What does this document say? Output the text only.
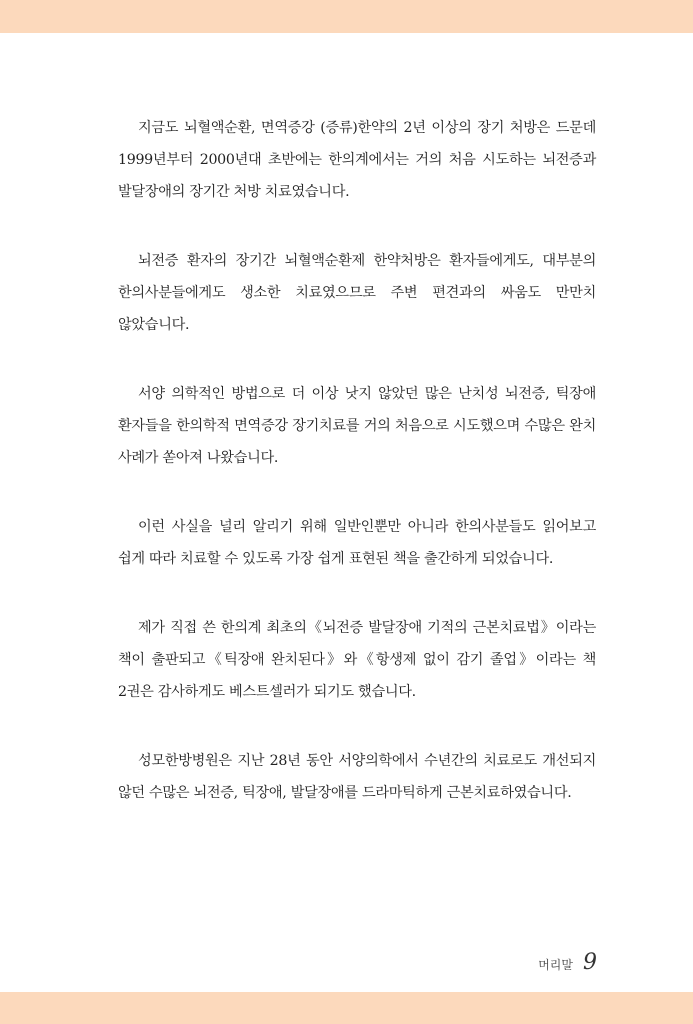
지금도 뇌혈액순환, 면역증강 (증류)한약의 2년 이상의 장기 처방은 드문데 1999년부터 2000년대 초반에는 한의계에서는 거의 처음 시도하는 뇌전증과 발달장애의 장기간 처방 치료였습니다.

뇌전증 환자의 장기간 뇌혈액순환제 한약처방은 환자들에게도, 대부분의 한의사분들에게도 생소한 치료였으므로 주변 편견과의 싸움도 만만치 않았습니다.

서양 의학적인 방법으로 더 이상 낫지 않았던 많은 난치성 뇌전증, 틱장애 환자들을 한의학적 면역증강 장기치료를 거의 처음으로 시도했으며 수많은 완치 사례가 쏟아져 나왔습니다.

이런 사실을 널리 알리기 위해 일반인뿐만 아니라 한의사분들도 읽어보고 쉽게 따라 치료할 수 있도록 가장 쉽게 표현된 책을 출간하게 되었습니다.

제가 직접 쓴 한의계 최초의《뇌전증 발달장애 기적의 근본치료법》이라는 책이 출판되고《틱장애 완치된다》와《항생제 없이 감기 졸업》이라는 책 2권은 감사하게도 베스트셀러가 되기도 했습니다.

성모한방병원은 지난 28년 동안 서양의학에서 수년간의 치료로도 개선되지 않던 수많은 뇌전증, 틱장애, 발달장애를 드라마틱하게 근본치료하였습니다.

머리말 9
